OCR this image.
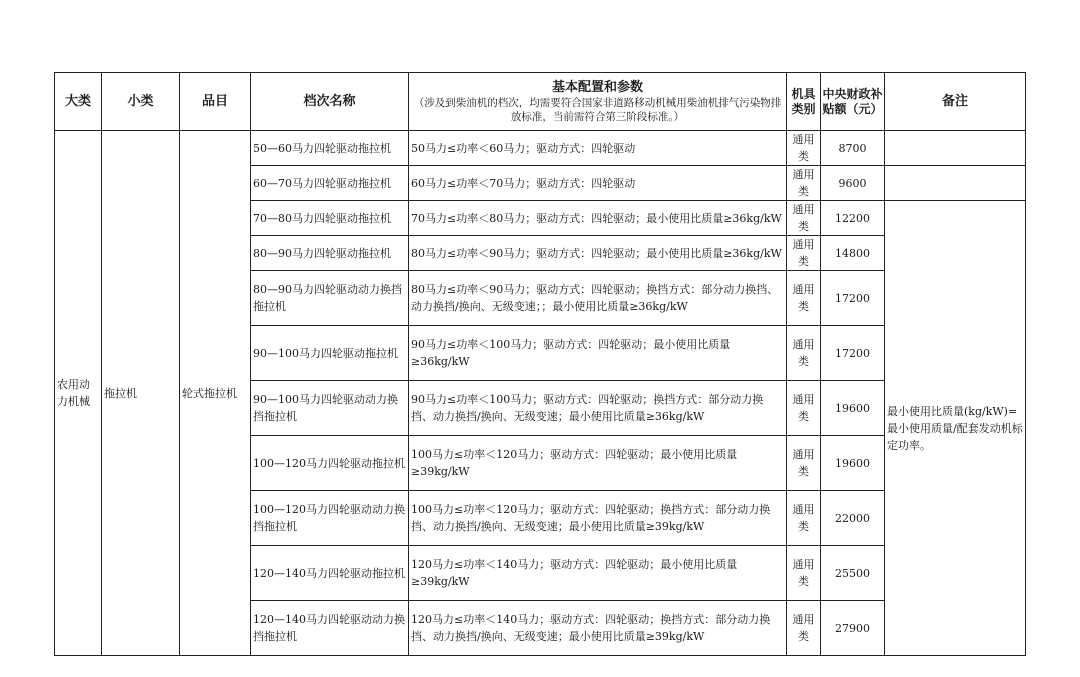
大类	小类	品目	档次名称	基本配置和参数
（涉及到柴油机的档次，均需要符合国家非道路移动机械用柴油机排气污染物排放标准，当前需符合第三阶段标准。）	机具类别	中央财政补贴额（元）	备注
农用动力机械	拖拉机	轮式拖拉机	50—60马力四轮驱动拖拉机	50马力≤功率＜60马力；驱动方式：四轮驱动	通用类	8700	
			60—70马力四轮驱动拖拉机	60马力≤功率＜70马力；驱动方式：四轮驱动	通用类	9600	
			70—80马力四轮驱动拖拉机	70马力≤功率＜80马力；驱动方式：四轮驱动；最小使用比质量≥36kg/kW	通用类	12200	最小使用比质量(kg/kW)=最小使用质量/配套发动机标定功率。
			80—90马力四轮驱动拖拉机	80马力≤功率＜90马力；驱动方式：四轮驱动；最小使用比质量≥36kg/kW	通用类	14800	
			80—90马力四轮驱动动力换挡拖拉机	80马力≤功率＜90马力；驱动方式：四轮驱动；换挡方式：部分动力换挡、动力换挡/换向、无级变速；；最小使用比质量≥36kg/kW	通用类	17200	
			90—100马力四轮驱动拖拉机	90马力≤功率＜100马力；驱动方式：四轮驱动；最小使用比质量≥36kg/kW	通用类	17200	
			90—100马力四轮驱动动力换挡拖拉机	90马力≤功率＜100马力；驱动方式：四轮驱动；换挡方式：部分动力换挡、动力换挡/换向、无级变速；最小使用比质量≥36kg/kW	通用类	19600	
			100—120马力四轮驱动拖拉机	100马力≤功率＜120马力；驱动方式：四轮驱动；最小使用比质量≥39kg/kW	通用类	19600	
			100—120马力四轮驱动动力换挡拖拉机	100马力≤功率＜120马力；驱动方式：四轮驱动；换挡方式：部分动力换挡、动力换挡/换向、无级变速；最小使用比质量≥39kg/kW	通用类	22000	
			120—140马力四轮驱动拖拉机	120马力≤功率＜140马力；驱动方式：四轮驱动；最小使用比质量≥39kg/kW	通用类	25500	
			120—140马力四轮驱动动力换挡拖拉机	120马力≤功率＜140马力；驱动方式：四轮驱动；换挡方式：部分动力换挡、动力换挡/换向、无级变速；最小使用比质量≥39kg/kW	通用类	27900	
